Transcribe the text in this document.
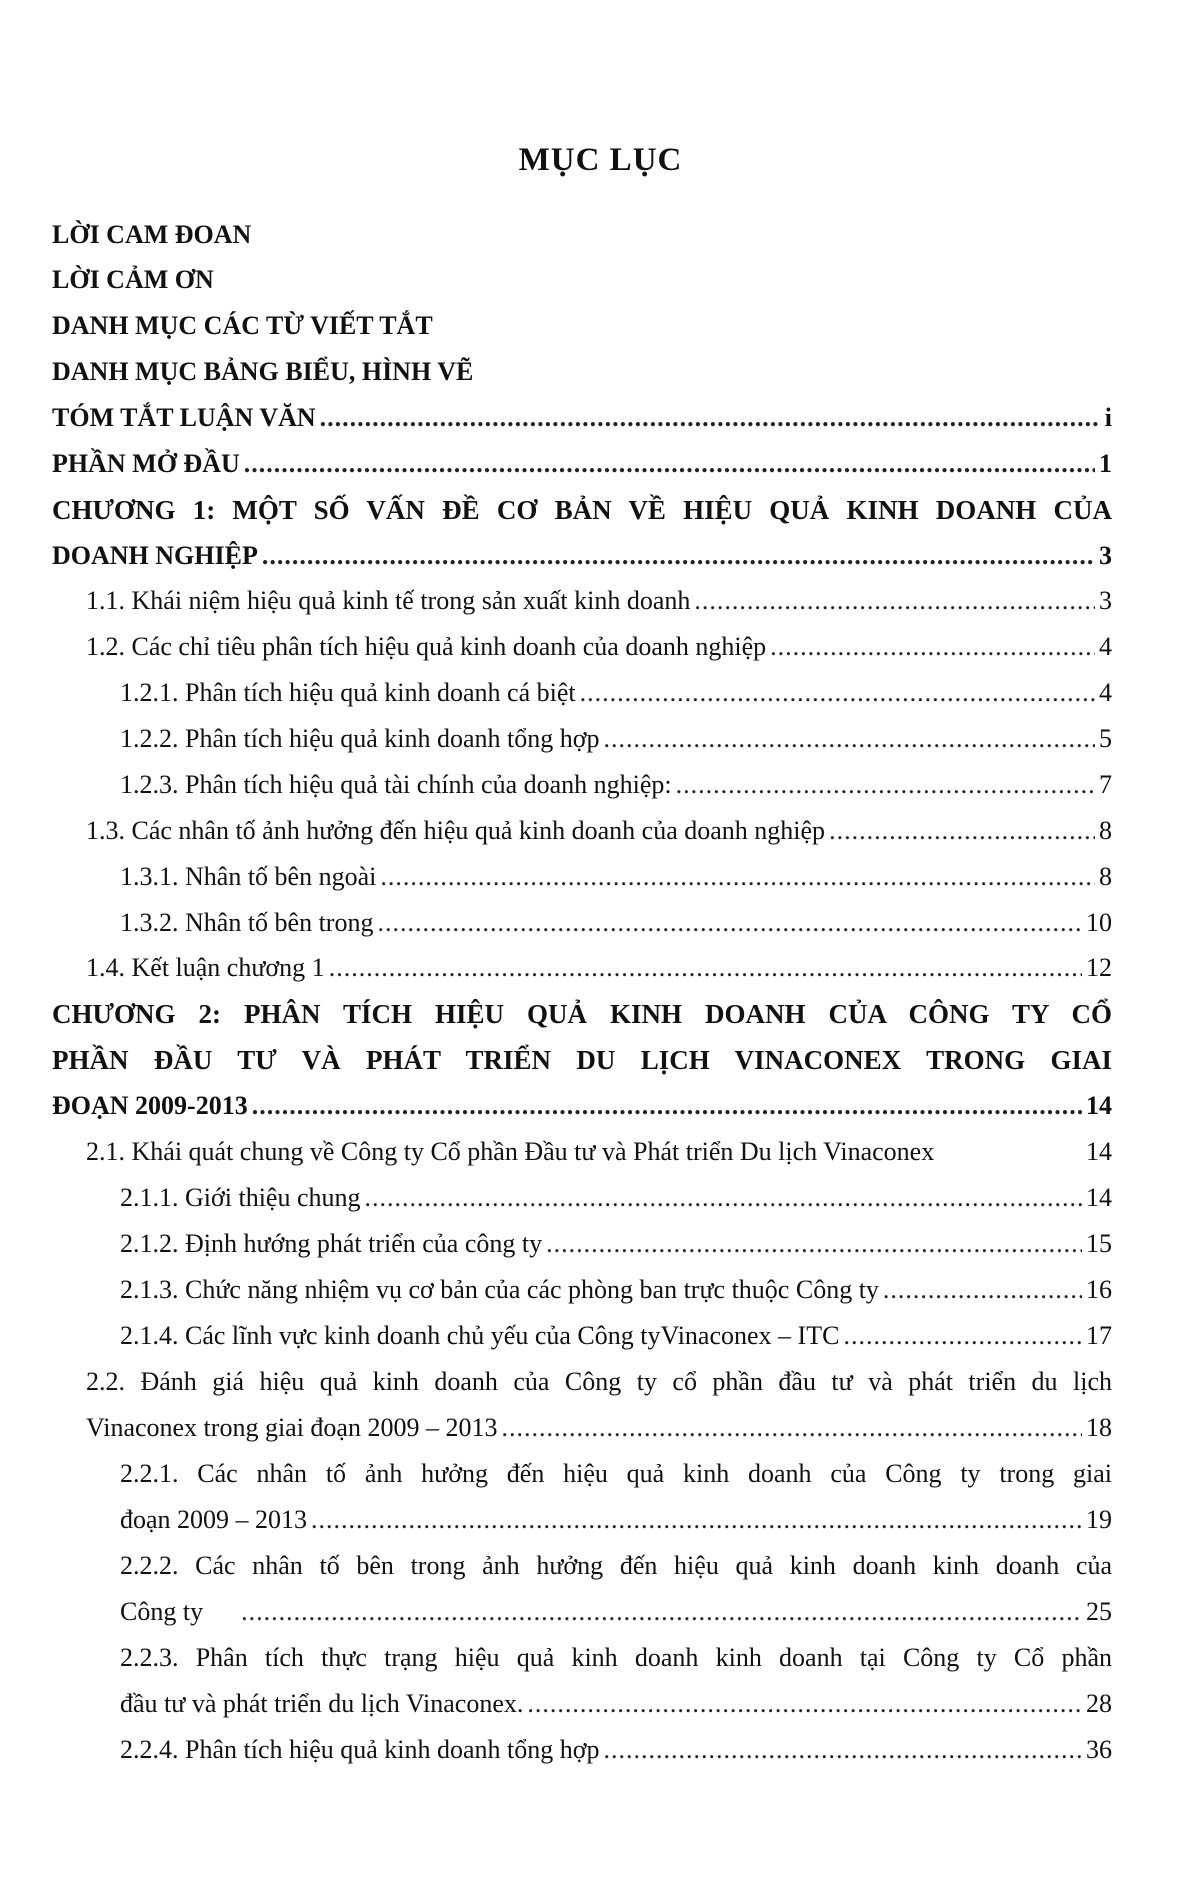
MỤC LỤC
LỜI CAM ĐOAN
LỜI CẢM ƠN
DANH MỤC CÁC TỪ VIẾT TẮT
DANH MỤC BẢNG BIỂU, HÌNH VẼ
TÓM TẮT LUẬN VĂN .....	i
PHẦN MỞ ĐẦU .....	1
CHƯƠNG 1: MỘT SỐ VẤN ĐỀ CƠ BẢN VỀ HIỆU QUẢ KINH DOANH CỦA
DOANH NGHIỆP .....	3
1.1. Khái niệm hiệu quả kinh tế trong sản xuất kinh doanh .....	3
1.2. Các chỉ tiêu phân tích hiệu quả kinh doanh của doanh nghiệp .....	4
1.2.1. Phân tích hiệu quả kinh doanh cá biệt .....	4
1.2.2. Phân tích hiệu quả kinh doanh tổng hợp .....	5
1.2.3. Phân tích hiệu quả tài chính của doanh nghiệp: .....	7
1.3. Các nhân tố ảnh hưởng đến hiệu quả kinh doanh của doanh nghiệp .....	8
1.3.1. Nhân tố bên ngoài .....	8
1.3.2. Nhân tố bên trong .....	10
1.4. Kết luận chương 1 .....	12
CHƯƠNG 2: PHÂN TÍCH HIỆU QUẢ KINH DOANH CỦA CÔNG TY CỔ
PHẦN ĐẦU TƯ VÀ PHÁT TRIỂN DU LỊCH VINACONEX TRONG GIAI
ĐOẠN 2009-2013 .....	14
2.1. Khái quát chung về Công ty Cổ phần Đầu tư và Phát triển Du lịch Vinaconex	14
2.1.1. Giới thiệu chung .....	14
2.1.2. Định hướng phát triển của công ty .....	15
2.1.3. Chức năng nhiệm vụ cơ bản của các phòng ban trực thuộc Công ty .....	16
2.1.4. Các lĩnh vực kinh doanh chủ yếu của Công tyVinaconex – ITC .....	17
2.2. Đánh giá hiệu quả kinh doanh của Công ty cổ phần đầu tư và phát triển du lịch
Vinaconex trong giai đoạn 2009 – 2013 .....	18
2.2.1. Các nhân tố ảnh hưởng đến hiệu quả kinh doanh của Công ty trong giai
đoạn 2009 – 2013 .....	19
2.2.2. Các nhân tố bên trong ảnh hưởng đến hiệu quả kinh doanh kinh doanh của
Công ty .....	25
2.2.3. Phân tích thực trạng hiệu quả kinh doanh kinh doanh tại Công ty Cổ phần
đầu tư và phát triển du lịch Vinaconex. .....	28
2.2.4. Phân tích hiệu quả kinh doanh tổng hợp .....	36
